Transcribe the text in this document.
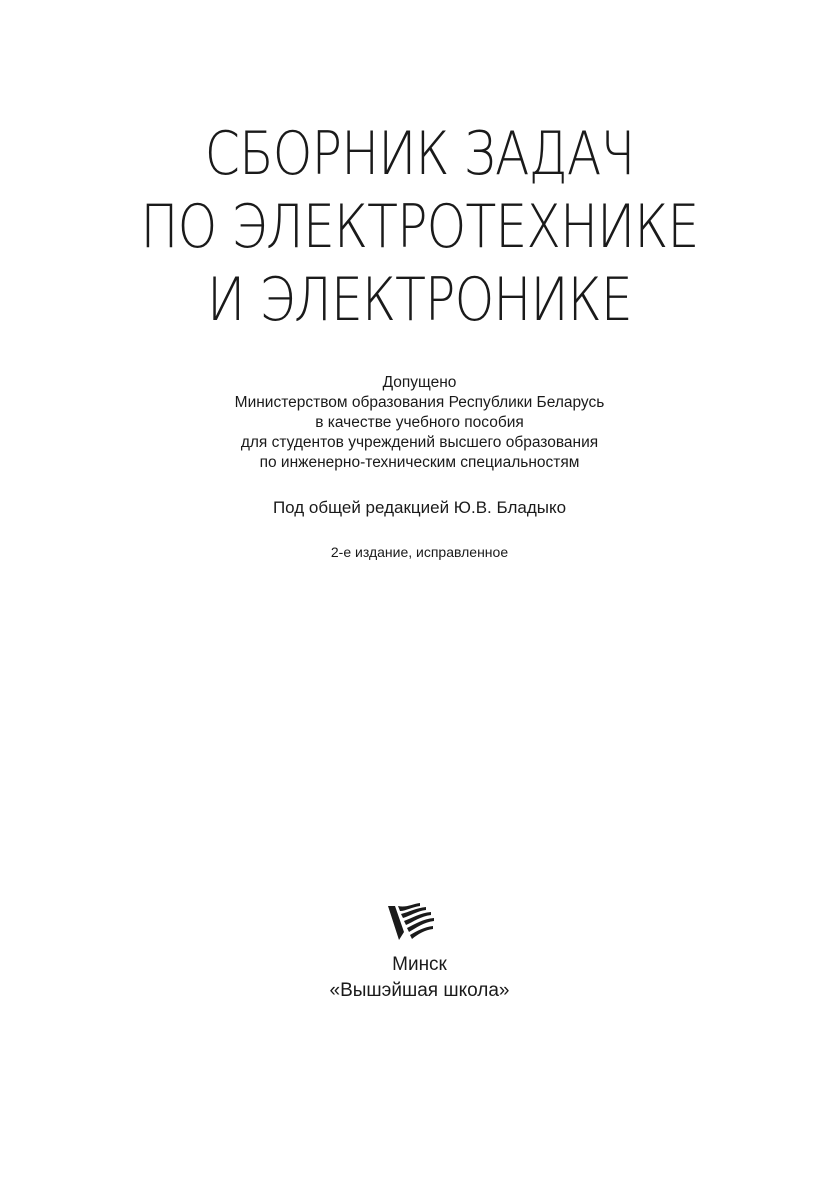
СБОРНИК ЗАДАЧ
ПО ЭЛЕКТРОТЕХНИКЕ
И ЭЛЕКТРОНИКЕ
Допущено
Министерством образования Республики Беларусь
в качестве учебного пособия
для студентов учреждений высшего образования
по инженерно-техническим специальностям
Под общей редакцией Ю.В. Бладыко
2-е издание, исправленное
Минск
«Вышэйшая школа»
